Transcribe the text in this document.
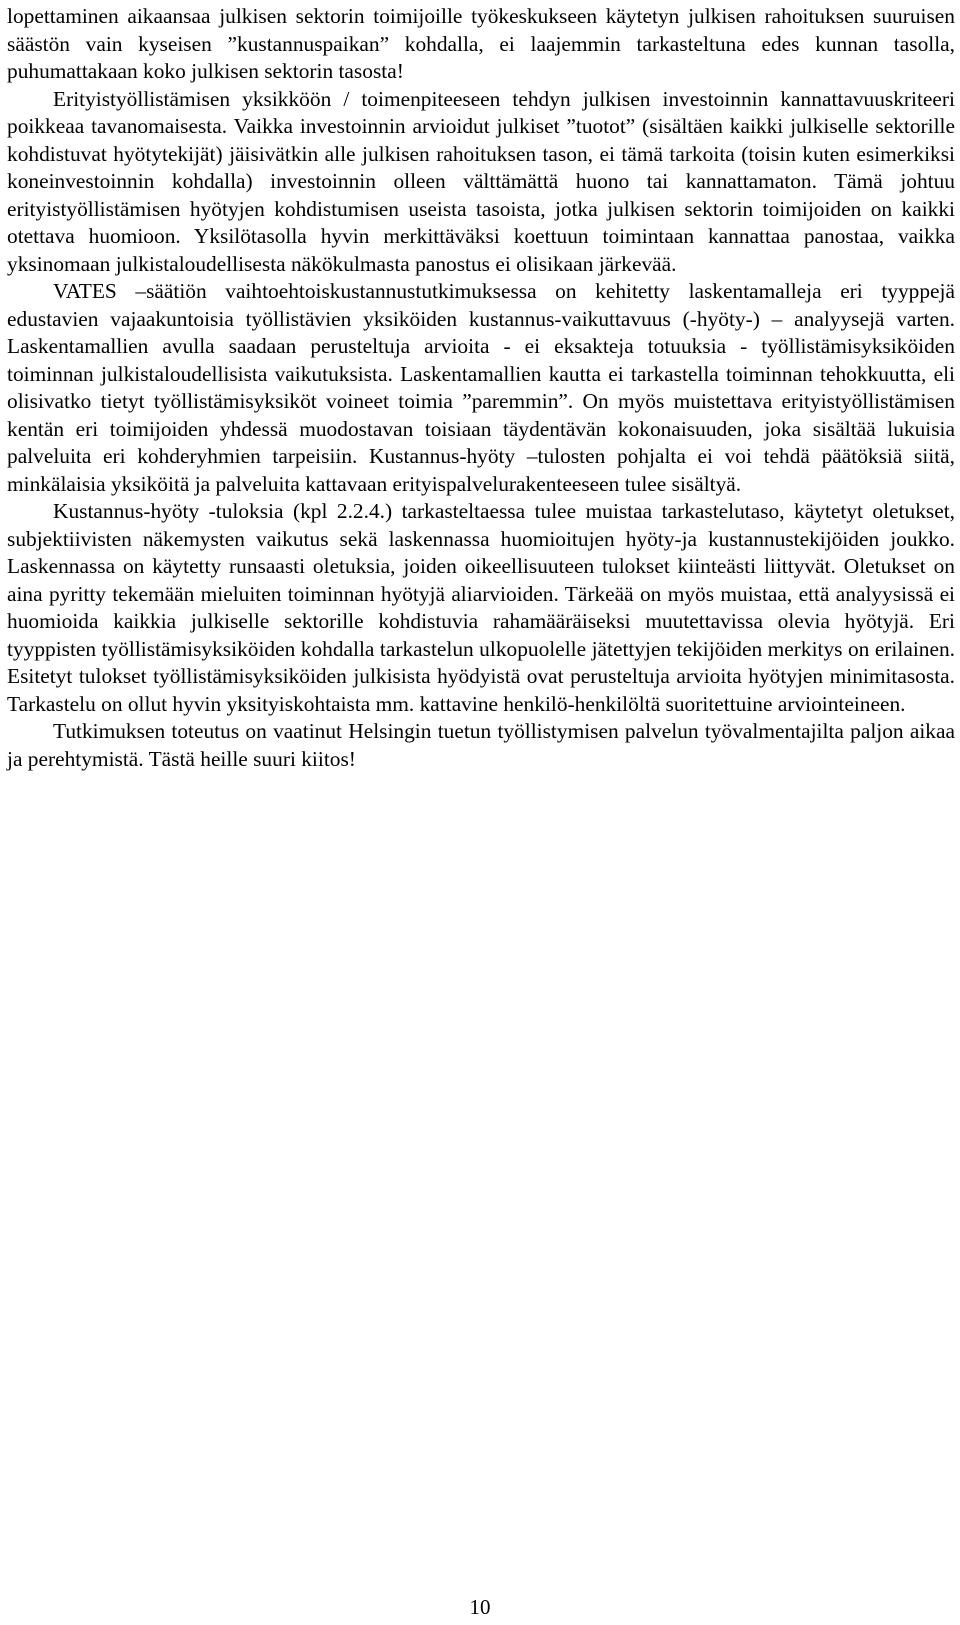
lopettaminen aikaansaa julkisen sektorin toimijoille työkeskukseen käytetyn julkisen rahoituksen suuruisen säästön vain kyseisen ”kustannuspaikan” kohdalla, ei laajemmin tarkasteltuna edes kunnan tasolla, puhumattakaan koko julkisen sektorin tasosta!

Erityistyöllistämisen yksikköön / toimenpiteeseen tehdyn julkisen investoinnin kannattavuuskriteeri poikkeaa tavanomaisesta. Vaikka investoinnin arvioidut julkiset ”tuotot” (sisältäen kaikki julkiselle sektorille kohdistuvat hyötytekijät) jäisivätkin alle julkisen rahoituksen tason, ei tämä tarkoita (toisin kuten esimerkiksi koneinvestoinnin kohdalla) investoinnin olleen välttämättä huono tai kannattamaton. Tämä johtuu erityistyöllistämisen hyötyjen kohdistumisen useista tasoista, jotka julkisen sektorin toimijoiden on kaikki otettava huomioon. Yksilötasolla hyvin merkittäväksi koettuun toimintaan kannattaa panostaa, vaikka yksinomaan julkistaloudellisesta näkökulmasta panostus ei olisikaan järkevää.

VATES –säätiön vaihtoehtoiskustannustutkimuksessa on kehitetty laskentamalleja eri tyyppejä edustavien vajaakuntoisia työllistävien yksiköiden kustannus-vaikuttavuus (-hyöty-) – analyysejä varten. Laskentamallien avulla saadaan perusteltuja arvioita - ei eksakteja totuuksia - työllistämisyksiköiden toiminnan julkistaloudellisista vaikutuksista. Laskentamallien kautta ei tarkastella toiminnan tehokkuutta, eli olisivatko tietyt työllistämisyksiköt voineet toimia ”paremmin”. On myös muistettava erityistyöllistämisen kentän eri toimijoiden yhdessä muodostavan toisiaan täydentävän kokonaisuuden, joka sisältää lukuisia palveluita eri kohderyhmien tarpeisiin. Kustannus-hyöty –tulosten pohjalta ei voi tehdä päätöksiä siitä, minkälaisia yksiköitä ja palveluita kattavaan erityispalvelurakenteeseen tulee sisältyä.

Kustannus-hyöty -tuloksia (kpl 2.2.4.) tarkasteltaessa tulee muistaa tarkastelutaso, käytetyt oletukset, subjektiivisten näkemysten vaikutus sekä laskennassa huomioitujen hyöty-ja kustannustekijöiden joukko. Laskennassa on käytetty runsaasti oletuksia, joiden oikeellisuuteen tulokset kiinteästi liittyvät. Oletukset on aina pyritty tekemään mieluiten toiminnan hyötyjä aliarvioiden. Tärkeää on myös muistaa, että analyysissä ei huomioida kaikkia julkiselle sektorille kohdistuvia rahamääräiseksi muutettavissa olevia hyötyjä. Eri tyyppisten työllistämisyksiköiden kohdalla tarkastelun ulkopuolelle jätettyjen tekijöiden merkitys on erilainen. Esitetyt tulokset työllistämisyksiköiden julkisista hyödyistä ovat perusteltuja arvioita hyötyjen minimitasosta. Tarkastelu on ollut hyvin yksityiskohtaista mm. kattavine henkilö-henkilöltä suoritettuine arviointeineen.

Tutkimuksen toteutus on vaatinut Helsingin tuetun työllistymisen palvelun työvalmentajilta paljon aikaa ja perehtymistä. Tästä heille suuri kiitos!

10
